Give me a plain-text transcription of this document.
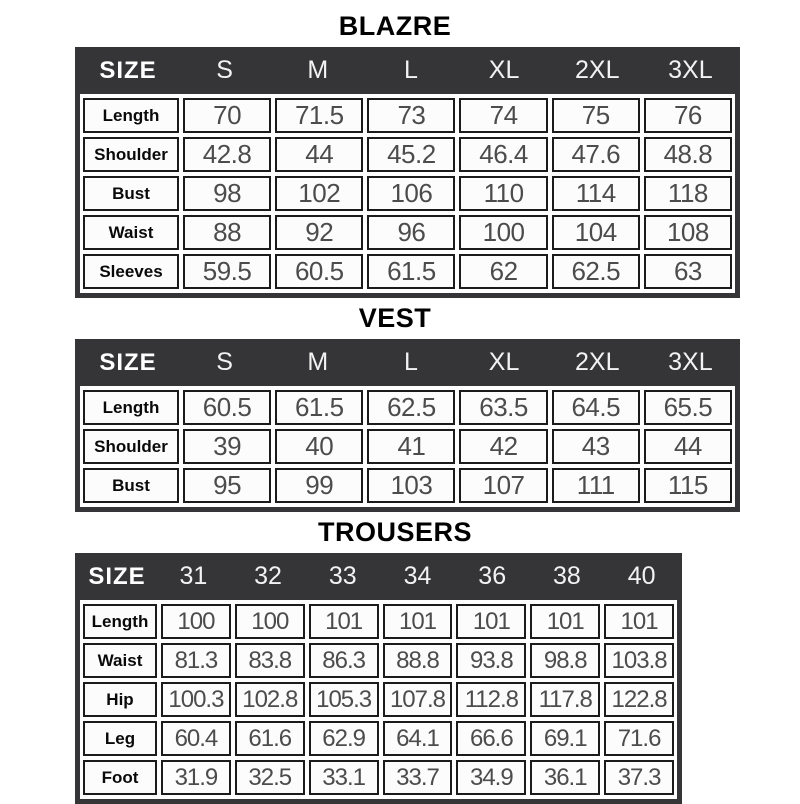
BLAZRE
SIZE	S	M	L	XL	2XL	3XL
Length	70	71.5	73	74	75	76
Shoulder	42.8	44	45.2	46.4	47.6	48.8
Bust	98	102	106	110	114	118
Waist	88	92	96	100	104	108
Sleeves	59.5	60.5	61.5	62	62.5	63
VEST
SIZE	S	M	L	XL	2XL	3XL
Length	60.5	61.5	62.5	63.5	64.5	65.5
Shoulder	39	40	41	42	43	44
Bust	95	99	103	107	111	115
TROUSERS
SIZE	31	32	33	34	36	38	40
Length	100	100	101	101	101	101	101
Waist	81.3	83.8	86.3	88.8	93.8	98.8	103.8
Hip	100.3 102.8 105.3 107.8 112.8 117.8 122.8
Leg	60.4	61.6	62.9	64.1	66.6	69.1	71.6
Foot	31.9	32.5	33.1	33.7	34.9	36.1	37.3
